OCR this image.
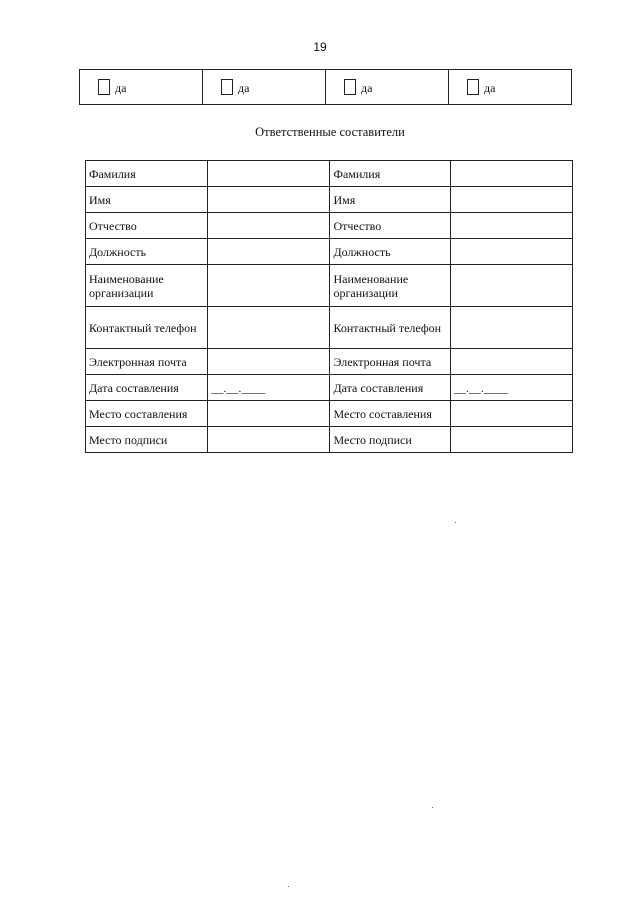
19
да	да	да	да
Ответственные составители
Фамилия		Фамилия	
Имя		Имя	
Отчество		Отчество	
Должность		Должность	
Наименование организации		Наименование организации	
Контактный телефон		Контактный телефон	
Электронная почта		Электронная почта	
Дата составления	__.__.____	Дата составления	__.__.____
Место составления		Место составления	
Место подписи		Место подписи	
